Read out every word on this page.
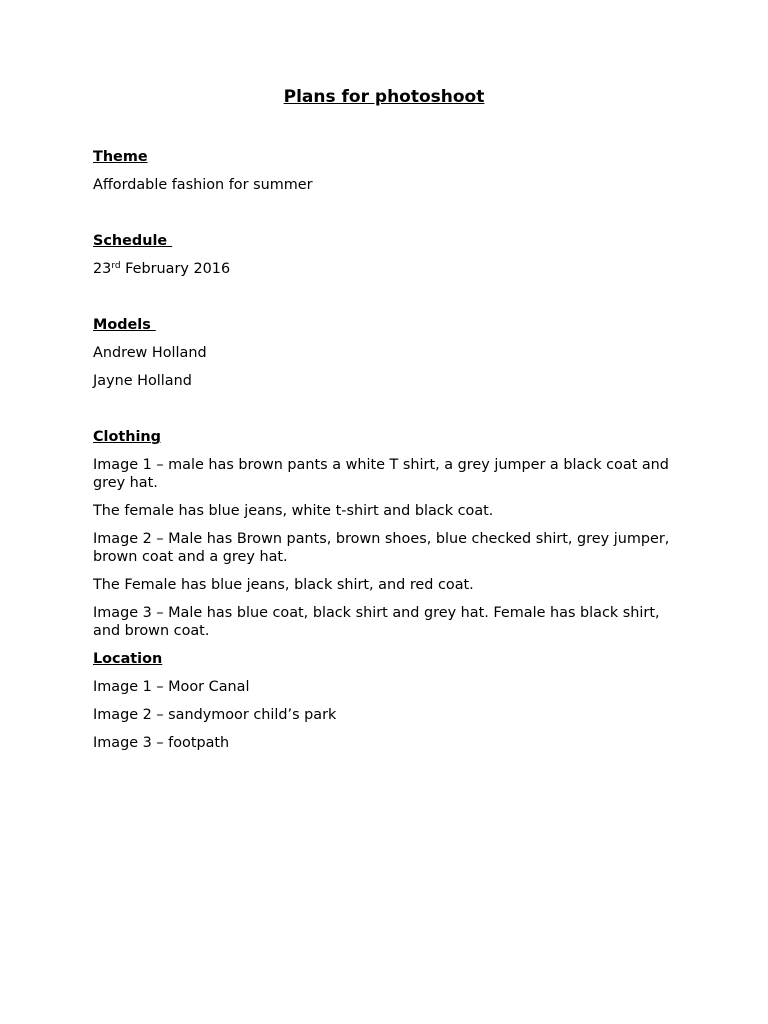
Plans for photoshoot

Theme

Affordable fashion for summer

Schedule

23rd February 2016

Models

Andrew Holland

Jayne Holland

Clothing

Image 1 – male has brown pants a white T shirt, a grey jumper a black coat and grey hat.

The female has blue jeans, white t-shirt and black coat.

Image 2 – Male has Brown pants, brown shoes, blue checked shirt, grey jumper, brown coat and a grey hat.

The Female has blue jeans, black shirt, and red coat.

Image 3 – Male has blue coat, black shirt and grey hat. Female has black shirt, and brown coat.

Location

Image 1 – Moor Canal

Image 2 – sandymoor child’s park

Image 3 – footpath
